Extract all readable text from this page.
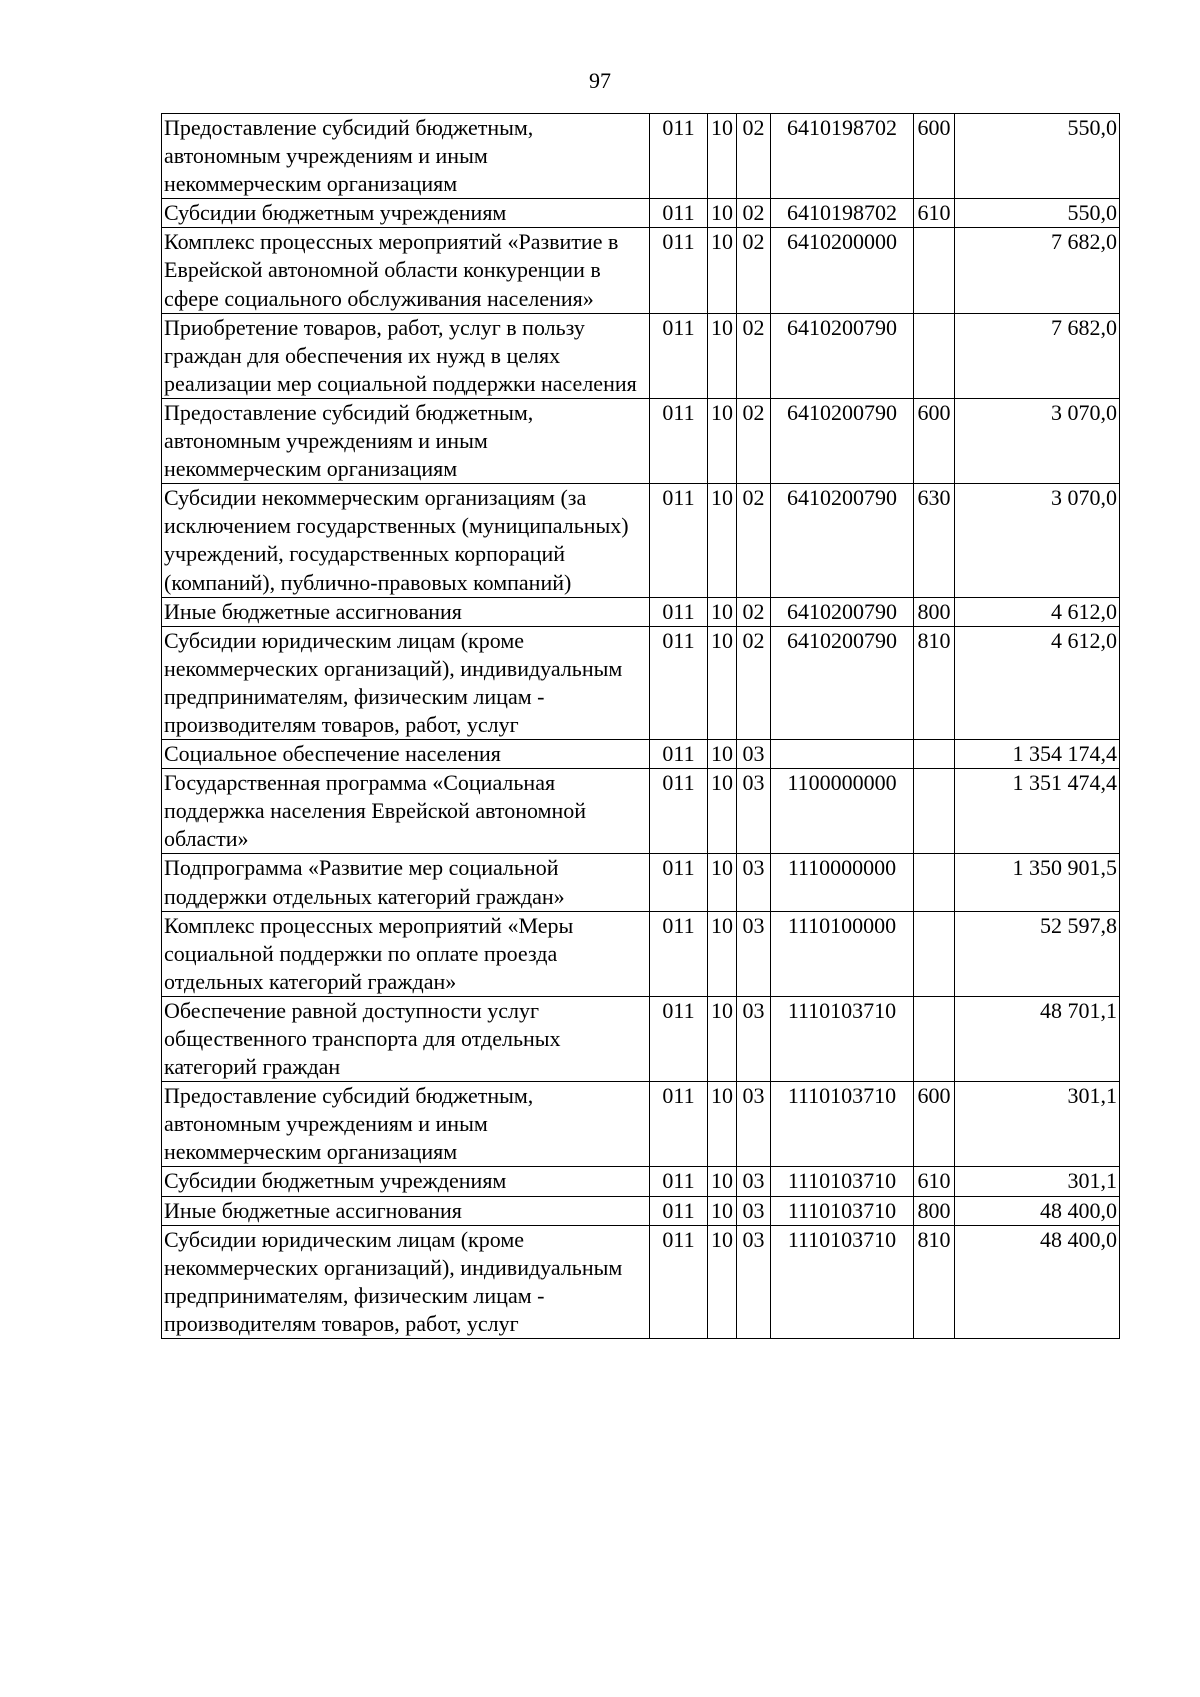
97
Предоставление субсидий бюджетным, автономным учреждениям и иным некоммерческим организациям	011	10	02	6410198702	600	550,0
Субсидии бюджетным учреждениям	011	10	02	6410198702	610	550,0
Комплекс процессных мероприятий «Развитие в Еврейской автономной области конкуренции в сфере социального обслуживания населения»	011	10	02	6410200000		7 682,0
Приобретение товаров, работ, услуг в пользу граждан для обеспечения их нужд в целях реализации мер социальной поддержки населения	011	10	02	6410200790		7 682,0
Предоставление субсидий бюджетным, автономным учреждениям и иным некоммерческим организациям	011	10	02	6410200790	600	3 070,0
Субсидии некоммерческим организациям (за исключением государственных (муниципальных) учреждений, государственных корпораций (компаний), публично-правовых компаний)	011	10	02	6410200790	630	3 070,0
Иные бюджетные ассигнования	011	10	02	6410200790	800	4 612,0
Субсидии юридическим лицам (кроме некоммерческих организаций), индивидуальным предпринимателям, физическим лицам - производителям товаров, работ, услуг	011	10	02	6410200790	810	4 612,0
Социальное обеспечение населения	011	10	03			1 354 174,4
Государственная программа «Социальная поддержка населения Еврейской автономной области»	011	10	03	1100000000		1 351 474,4
Подпрограмма «Развитие мер социальной поддержки отдельных категорий граждан»	011	10	03	1110000000		1 350 901,5
Комплекс процессных мероприятий «Меры социальной поддержки по оплате проезда отдельных категорий граждан»	011	10	03	1110100000		52 597,8
Обеспечение равной доступности услуг общественного транспорта для отдельных категорий граждан	011	10	03	1110103710		48 701,1
Предоставление субсидий бюджетным, автономным учреждениям и иным некоммерческим организациям	011	10	03	1110103710	600	301,1
Субсидии бюджетным учреждениям	011	10	03	1110103710	610	301,1
Иные бюджетные ассигнования	011	10	03	1110103710	800	48 400,0
Субсидии юридическим лицам (кроме некоммерческих организаций), индивидуальным предпринимателям, физическим лицам - производителям товаров, работ, услуг	011	10	03	1110103710	810	48 400,0
